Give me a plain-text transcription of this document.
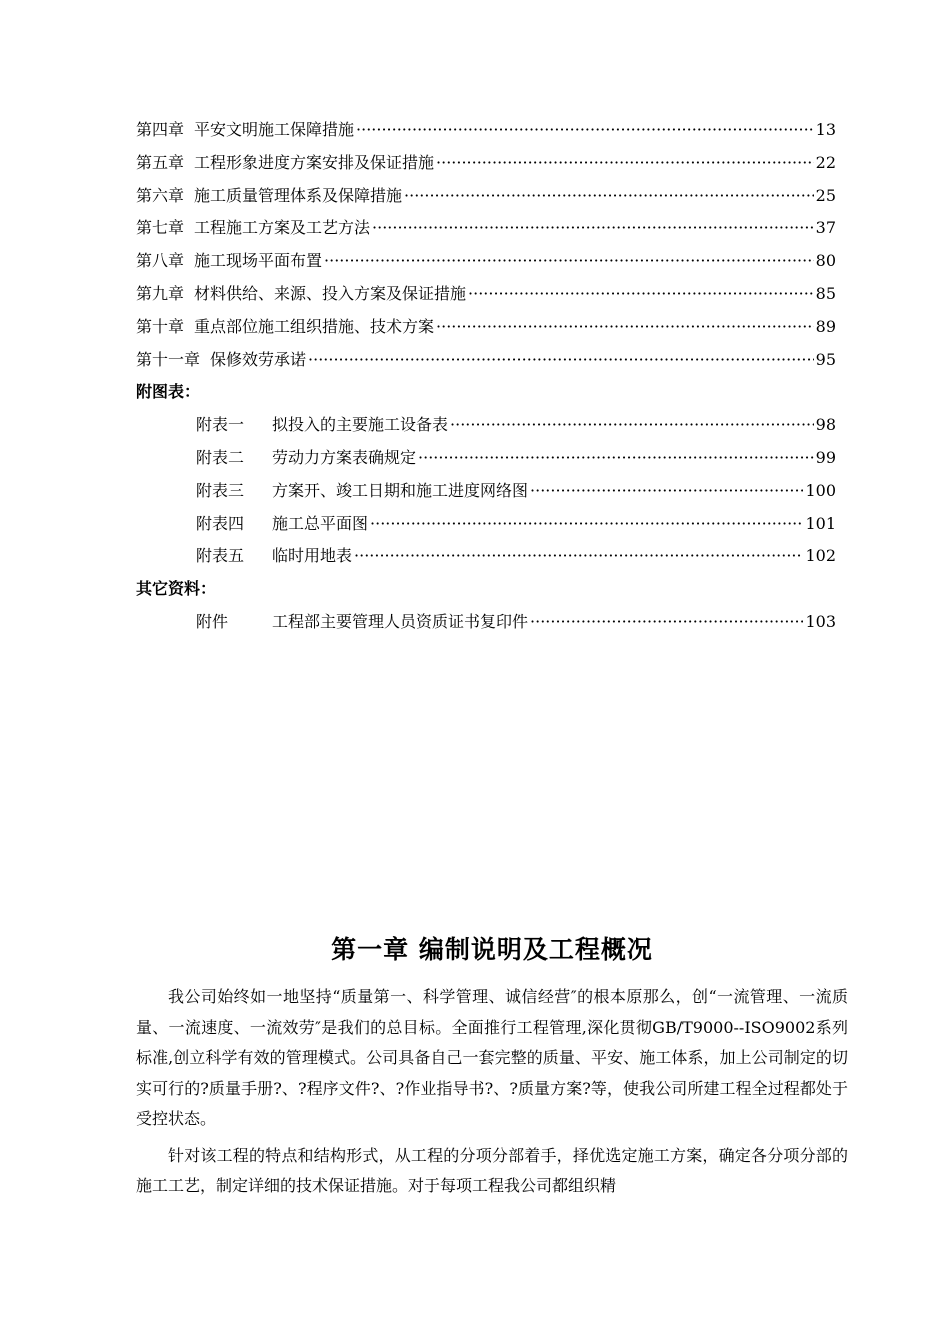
第四章 平安文明施工保障措施 ·····	13
第五章 工程形象进度方案安排及保证措施 ·····	22
第六章 施工质量管理体系及保障措施 ·····	25
第七章 工程施工方案及工艺方法 ·····	37
第八章 施工现场平面布置 ·····	80
第九章 材料供给、来源、投入方案及保证措施 ·····	85
第十章 重点部位施工组织措施、技术方案 ·····	89
第十一章 保修效劳承诺 ·····	95
附图表：
附表一	拟投入的主要施工设备表 ·····	98
附表二	劳动力方案表确规定 ·····	99
附表三	方案开、竣工日期和施工进度网络图 ·····	100
附表四	施工总平面图 ·····	101
附表五	临时用地表 ·····	102
其它资料：
附件	工程部主要管理人员资质证书复印件 ·····	103
第一章 编制说明及工程概况

我公司始终如一地坚持“质量第一、科学管理、诚信经营″的根本原那么，创“一流管理、一流质量、一流速度、一流效劳″是我们的总目标。全面推行工程管理,深化贯彻GB/T9000--ISO9002系列标准,创立科学有效的管理模式。公司具备自己一套完整的质量、平安、施工体系，加上公司制定的切实可行的?质量手册?、?程序文件?、?作业指导书?、?质量方案?等，使我公司所建工程全过程都处于受控状态。

针对该工程的特点和结构形式，从工程的分项分部着手，择优选定施工方案，确定各分项分部的施工工艺，制定详细的技术保证措施。对于每项工程我公司都组织精
